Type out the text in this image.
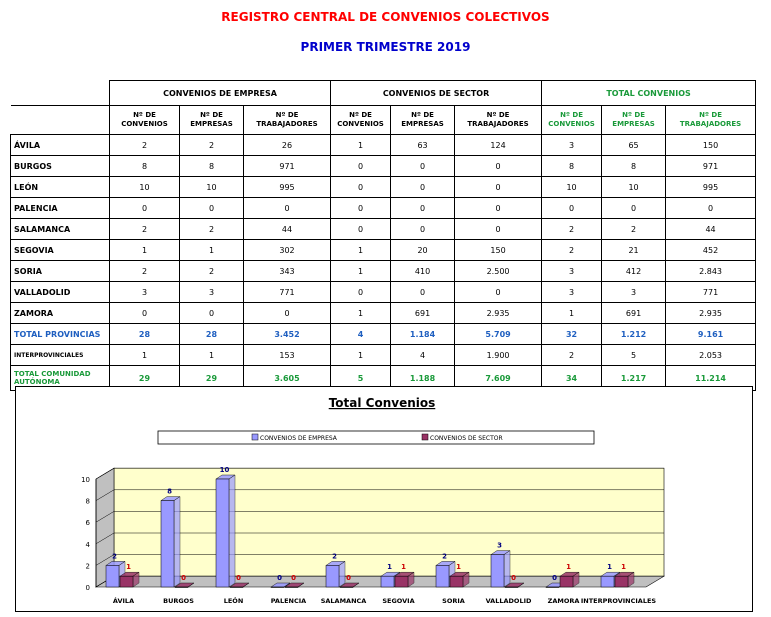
REGISTRO CENTRAL DE CONVENIOS COLECTIVOS
PRIMER TRIMESTRE 2019
	CONVENIOS DE EMPRESA			CONVENIOS DE SECTOR			TOTAL CONVENIOS		
	Nº DE CONVENIOS	Nº DE EMPRESAS	Nº DE TRABAJADORES	Nº DE CONVENIOS	Nº DE EMPRESAS	Nº DE TRABAJADORES	Nº DE CONVENIOS	Nº DE EMPRESAS	Nº DE TRABAJADORES
ÁVILA	2	2	26	1	63	124	3	65	150
BURGOS	8	8	971	0	0	0	8	8	971
LEÓN	10	10	995	0	0	0	10	10	995
PALENCIA	0	0	0	0	0	0	0	0	0
SALAMANCA	2	2	44	0	0	0	2	2	44
SEGOVIA	1	1	302	1	20	150	2	21	452
SORIA	2	2	343	1	410	2.500	3	412	2.843
VALLADOLID	3	3	771	0	0	0	3	3	771
ZAMORA	0	0	0	1	691	2.935	1	691	2.935
TOTAL PROVINCIAS	28	28	3.452	4	1.184	5.709	32	1.212	9.161
INTERPROVINCIALES	1	1	153	1	4	1.900	2	5	2.053
TOTAL COMUNIDAD AUTÓNOMA	29	29	3.605	5	1.188	7.609	34	1.217	11.214
Total Convenios
CONVENIOS DE EMPRESA	CONVENIOS DE SECTOR
0
2
4
6
8
10
2
1
ÁVILA
8
0
BURGOS
10
0
LEÓN
0 0
PALENCIA
2
0
SALAMANCA
1 1
SEGOVIA
2
1
SORIA
3
0
VALLADOLID
0
1
ZAMORA
1 1
INTERPROVINCIALES
